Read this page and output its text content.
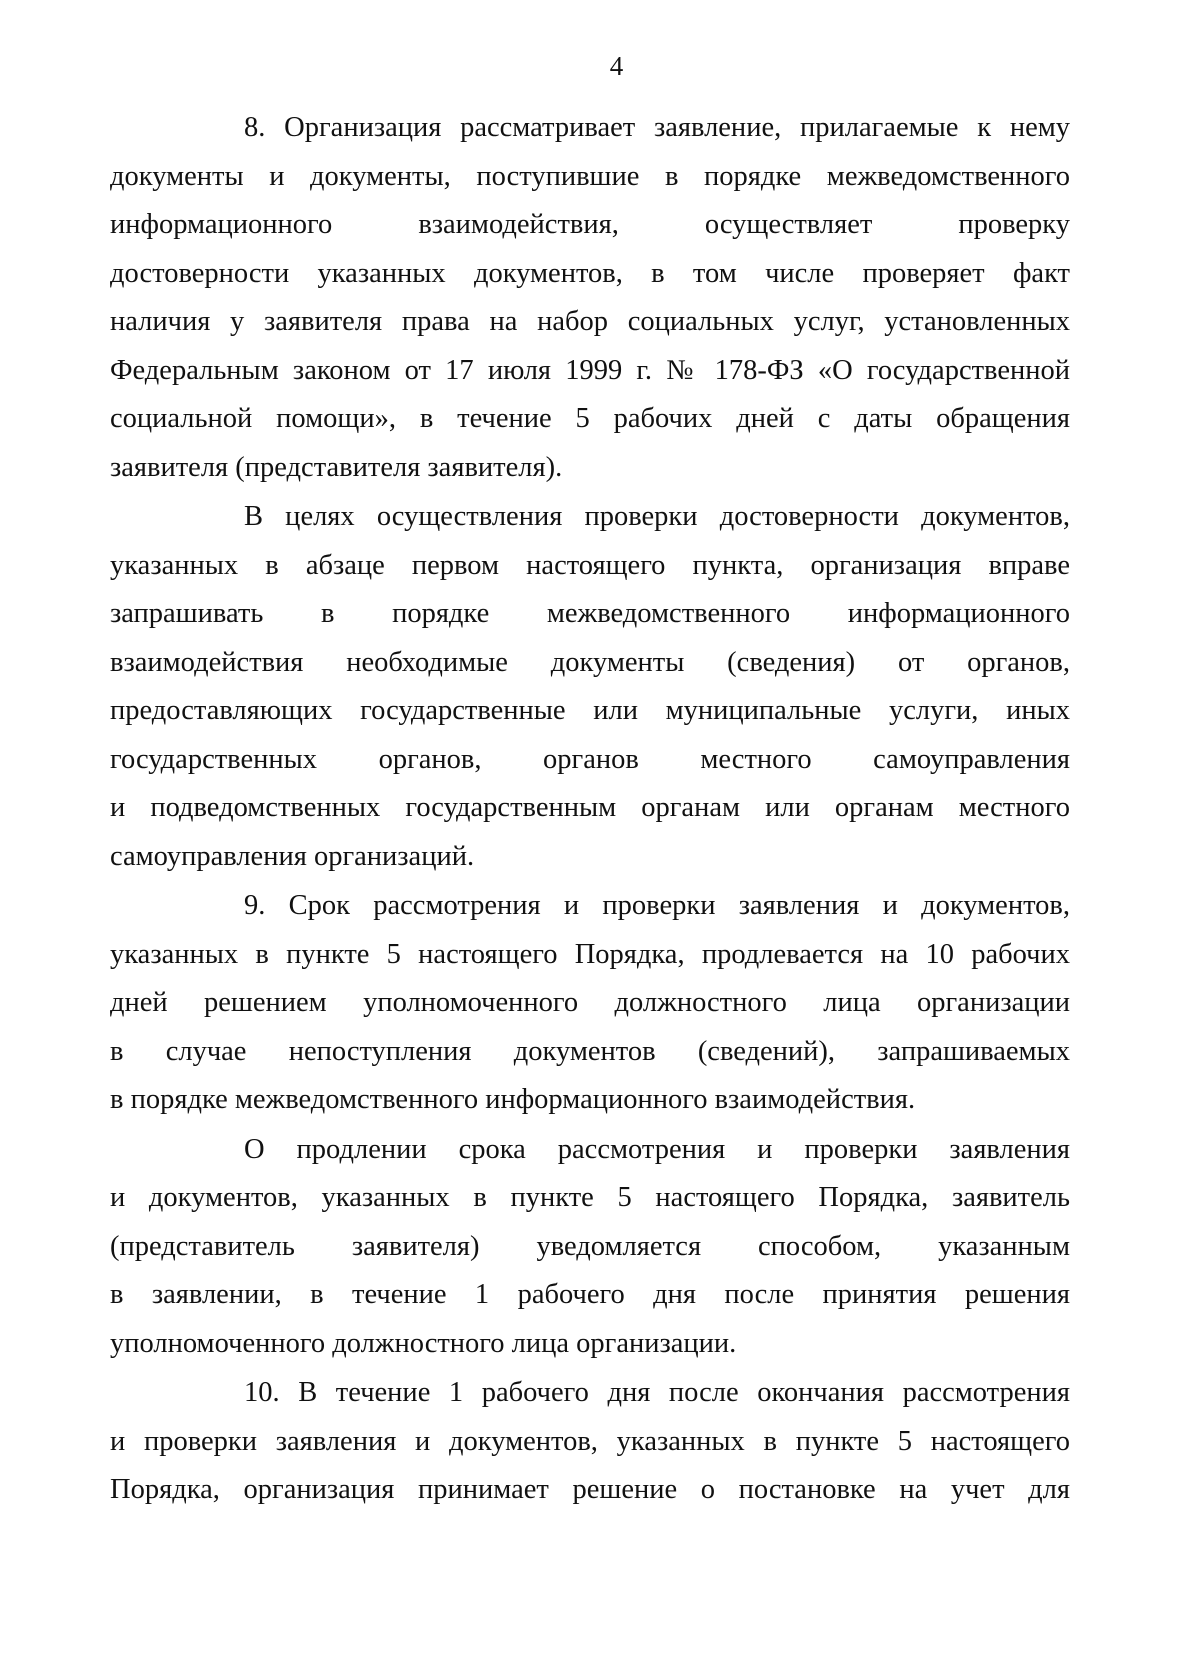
4

8. Организация рассматривает заявление, прилагаемые к нему
документы и документы, поступившие в порядке межведомственного
информационного взаимодействия, осуществляет проверку
достоверности указанных документов, в том числе проверяет факт
наличия у заявителя права на набор социальных услуг, установленных
Федеральным законом от 17 июля 1999 г. № 178-ФЗ «О государственной
социальной помощи», в течение 5 рабочих дней с даты обращения
заявителя (представителя заявителя).

В целях осуществления проверки достоверности документов,
указанных в абзаце первом настоящего пункта, организация вправе
запрашивать в порядке межведомственного информационного
взаимодействия необходимые документы (сведения) от органов,
предоставляющих государственные или муниципальные услуги, иных
государственных органов, органов местного самоуправления
и подведомственных государственным органам или органам местного
самоуправления организаций.

9. Срок рассмотрения и проверки заявления и документов,
указанных в пункте 5 настоящего Порядка, продлевается на 10 рабочих
дней решением уполномоченного должностного лица организации
в случае непоступления документов (сведений), запрашиваемых
в порядке межведомственного информационного взаимодействия.

О продлении срока рассмотрения и проверки заявления
и документов, указанных в пункте 5 настоящего Порядка, заявитель
(представитель заявителя) уведомляется способом, указанным
в заявлении, в течение 1 рабочего дня после принятия решения
уполномоченного должностного лица организации.

10. В течение 1 рабочего дня после окончания рассмотрения
и проверки заявления и документов, указанных в пункте 5 настоящего
Порядка, организация принимает решение о постановке на учет для
